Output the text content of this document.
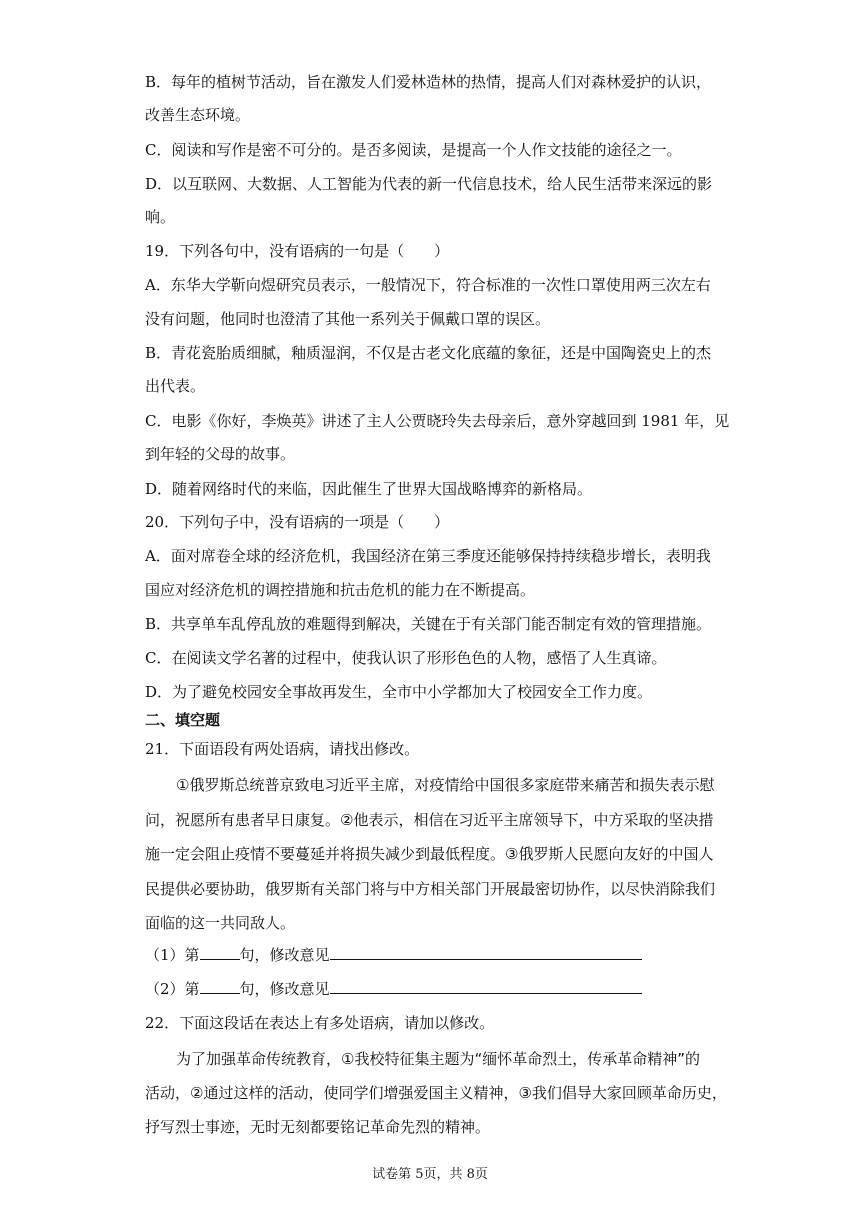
B．每年的植树节活动，旨在激发人们爱林造林的热情，提高人们对森林爱护的认识，
改善生态环境。
C．阅读和写作是密不可分的。是否多阅读，是提高一个人作文技能的途径之一。
D．以互联网、大数据、人工智能为代表的新一代信息技术，给人民生活带来深远的影
响。
19．下列各句中，没有语病的一句是（　　）
A．东华大学靳向煜研究员表示，一般情况下，符合标准的一次性口罩使用两三次左右
没有问题，他同时也澄清了其他一系列关于佩戴口罩的误区。
B．青花瓷胎质细腻，釉质湿润，不仅是古老文化底蕴的象征，还是中国陶瓷史上的杰
出代表。
C．电影《你好，李焕英》讲述了主人公贾晓玲失去母亲后，意外穿越回到 1981 年，见
到年轻的父母的故事。
D．随着网络时代的来临，因此催生了世界大国战略博弈的新格局。
20．下列句子中，没有语病的一项是（　　）
A．面对席卷全球的经济危机，我国经济在第三季度还能够保持持续稳步增长，表明我
国应对经济危机的调控措施和抗击危机的能力在不断提高。
B．共享单车乱停乱放的难题得到解决，关键在于有关部门能否制定有效的管理措施。
C．在阅读文学名著的过程中，使我认识了形形色色的人物，感悟了人生真谛。
D．为了避免校园安全事故再发生，全市中小学都加大了校园安全工作力度。
二、填空题
21．下面语段有两处语病，请找出修改。
①俄罗斯总统普京致电习近平主席，对疫情给中国很多家庭带来痛苦和损失表示慰
问，祝愿所有患者早日康复。②他表示，相信在习近平主席领导下，中方采取的坚决措
施一定会阻止疫情不要蔓延并将损失减少到最低程度。③俄罗斯人民愿向友好的中国人
民提供必要协助，俄罗斯有关部门将与中方相关部门开展最密切协作，以尽快消除我们
面临的这一共同敌人。
（1）第	句，修改意见
（2）第	句，修改意见
22．下面这段话在表达上有多处语病，请加以修改。
为了加强革命传统教育，①我校特征集主题为“缅怀革命烈土，传承革命精神”的
活动，②通过这样的活动，使同学们增强爱国主义精神，③我们倡导大家回顾革命历史，
抒写烈士事迹，无时无刻都要铭记革命先烈的精神。
试卷第 5页，共 8页
